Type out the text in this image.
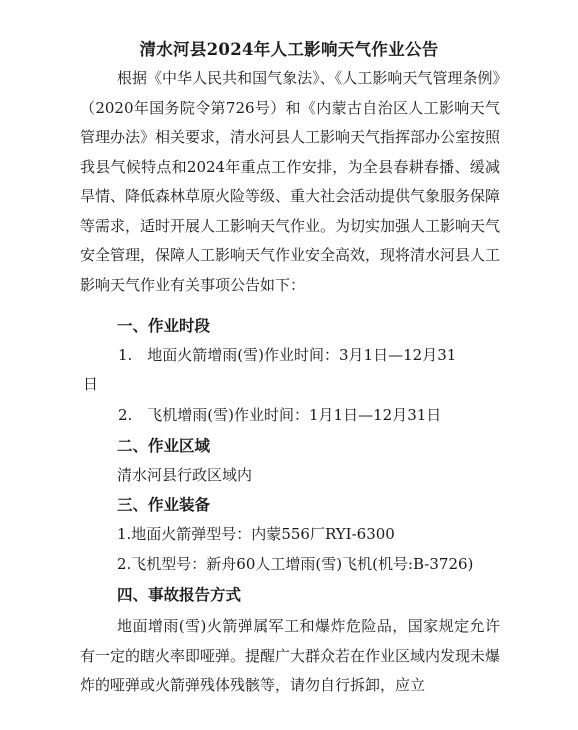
清水河县2024年人工影响天气作业公告

根据《中华人民共和国气象法》、《人工影响天气管理条例》（2020年国务院令第726号）和《内蒙古自治区人工影响天气管理办法》相关要求，清水河县人工影响天气指挥部办公室按照我县气候特点和2024年重点工作安排，为全县春耕春播、缓减旱情、降低森林草原火险等级、重大社会活动提供气象服务保障等需求，适时开展人工影响天气作业。为切实加强人工影响天气安全管理，保障人工影响天气作业安全高效，现将清水河县人工影响天气作业有关事项公告如下：

一、作业时段
1.　地面火箭增雨(雪)作业时间：3月1日—12月31
日
2.　飞机增雨(雪)作业时间：1月1日—12月31日
二、作业区域
清水河县行政区域内
三、作业装备
1.地面火箭弹型号：内蒙556厂RYI-6300
2.飞机型号：新舟60人工增雨(雪)飞机(机号:B-3726)
四、事故报告方式

地面增雨(雪)火箭弹属军工和爆炸危险品，国家规定允许有一定的瞎火率即哑弹。提醒广大群众若在作业区域内发现未爆炸的哑弹或火箭弹残体残骸等，请勿自行拆卸，应立
